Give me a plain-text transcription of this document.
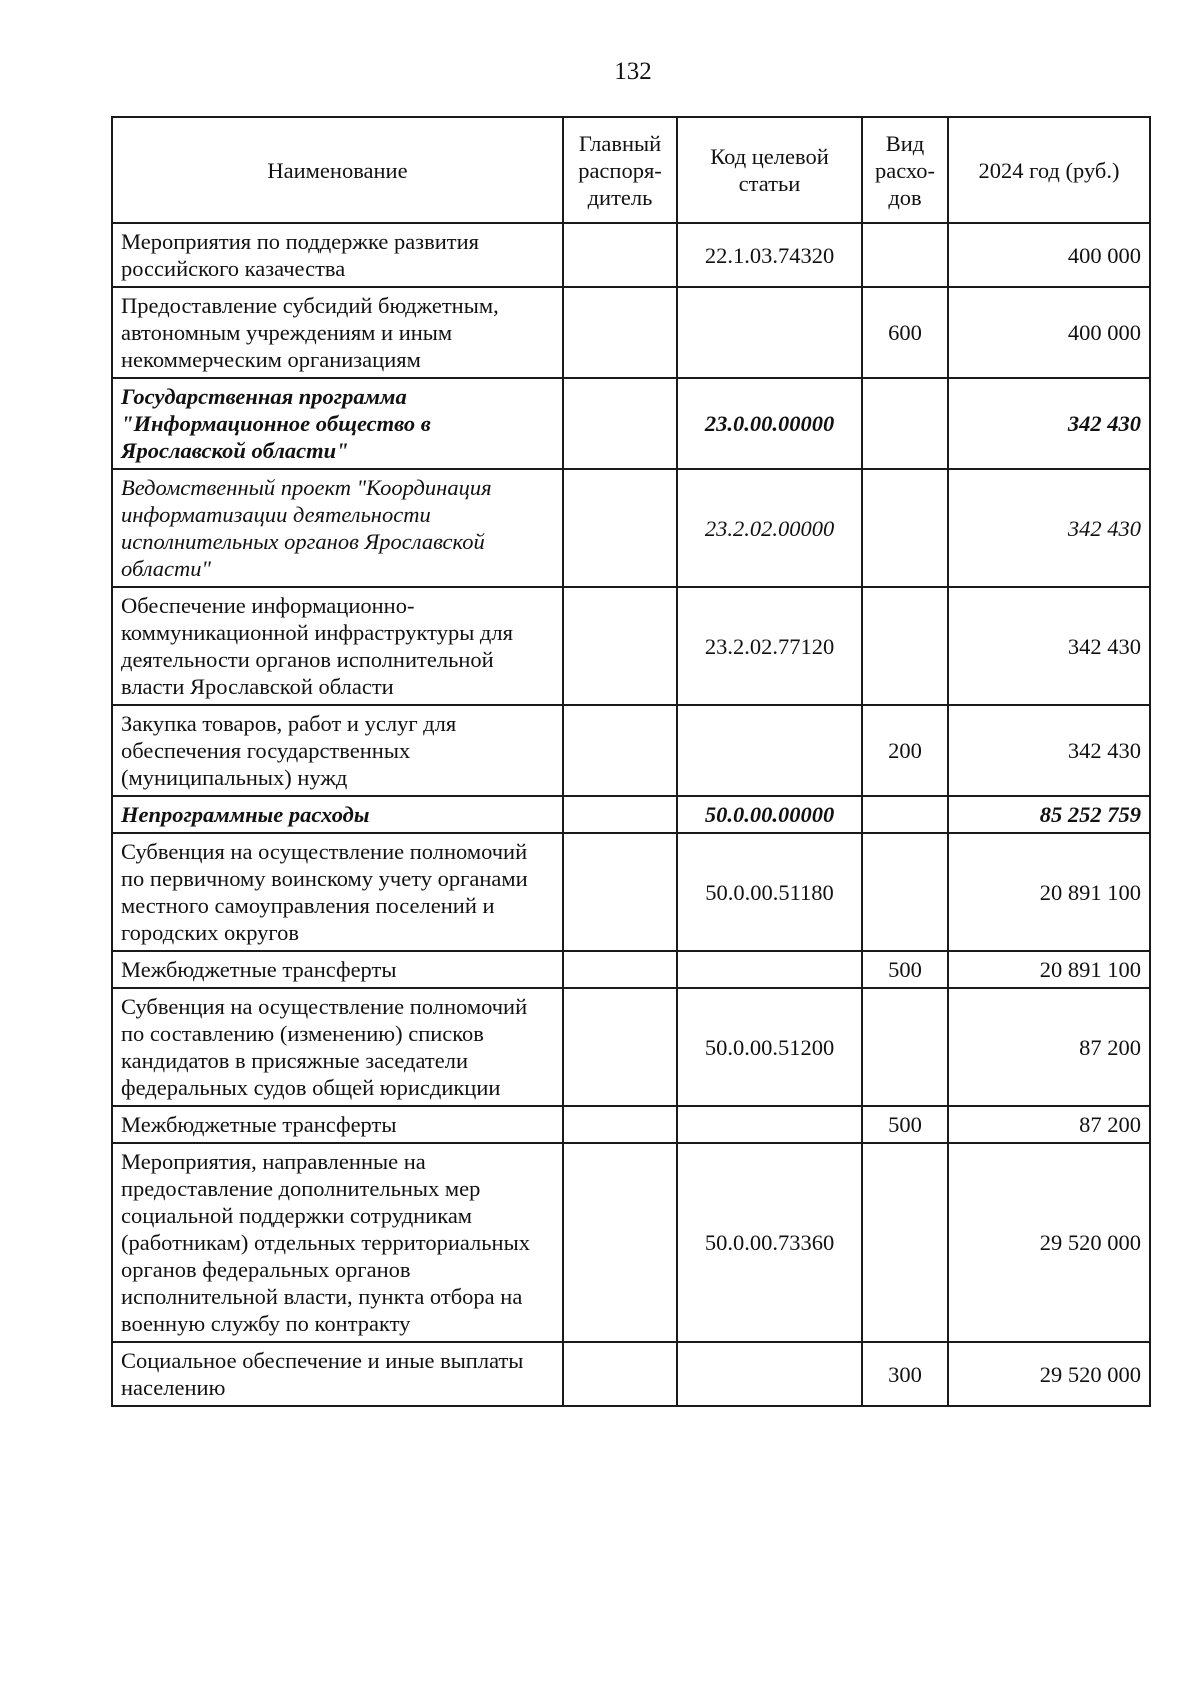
132
Наименование	Главный распоря-дитель	Код целевой статьи	Вид расхо-дов	2024 год (руб.)
Мероприятия по поддержке развития российского казачества		22.1.03.74320		400 000
Предоставление субсидий бюджетным, автономным учреждениям и иным некоммерческим организациям			600	400 000
Государственная программа "Информационное общество в Ярославской области"		23.0.00.00000		342 430
Ведомственный проект "Координация информатизации деятельности исполнительных органов Ярославской области"		23.2.02.00000		342 430
Обеспечение информационно-коммуникационной инфраструктуры для деятельности органов исполнительной власти Ярославской области		23.2.02.77120		342 430
Закупка товаров, работ и услуг для обеспечения государственных (муниципальных) нужд			200	342 430
Непрограммные расходы		50.0.00.00000		85 252 759
Субвенция на осуществление полномочий по первичному воинскому учету органами местного самоуправления поселений и городских округов		50.0.00.51180		20 891 100
Межбюджетные трансферты			500	20 891 100
Субвенция на осуществление полномочий по составлению (изменению) списков кандидатов в присяжные заседатели федеральных судов общей юрисдикции		50.0.00.51200		87 200
Межбюджетные трансферты			500	87 200
Мероприятия, направленные на предоставление дополнительных мер социальной поддержки сотрудникам (работникам) отдельных территориальных органов федеральных органов исполнительной власти, пункта отбора на военную службу по контракту		50.0.00.73360		29 520 000
Социальное обеспечение и иные выплаты населению			300	29 520 000
